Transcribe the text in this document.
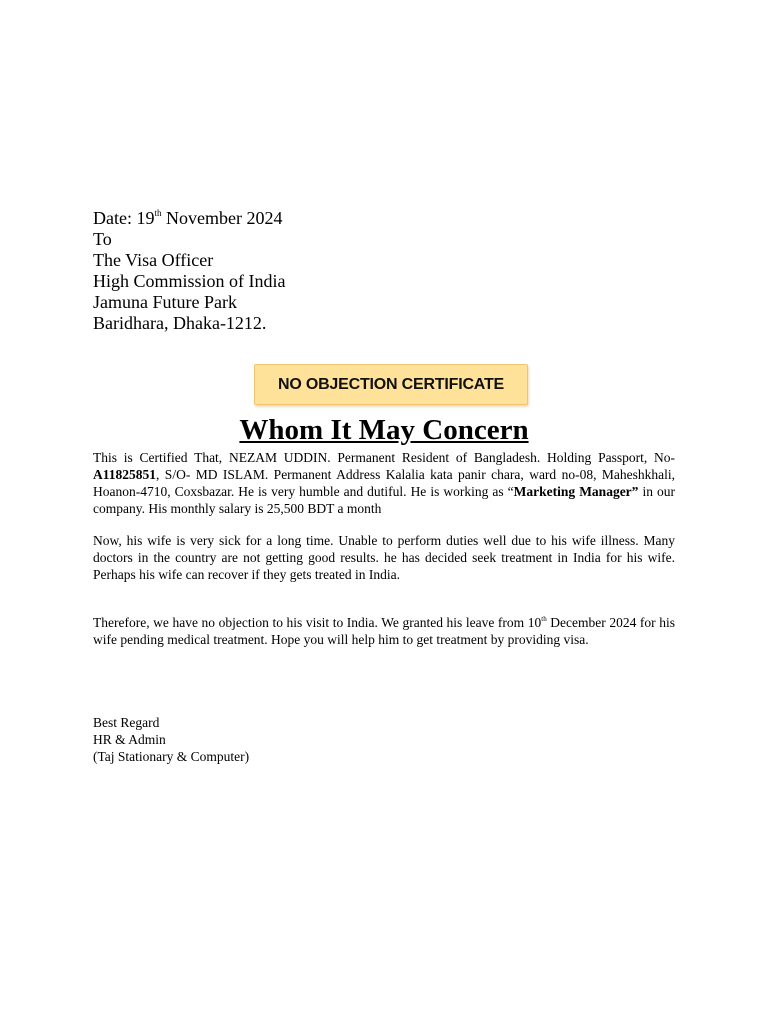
Date: 19th November 2024
To
The Visa Officer
High Commission of India
Jamuna Future Park
Baridhara, Dhaka-1212.
NO OBJECTION CERTIFICATE
Whom It May Concern
This is Certified That, NEZAM UDDIN. Permanent Resident of Bangladesh. Holding Passport, No-A11825851, S/O- MD ISLAM. Permanent Address Kalalia kata panir chara, ward no-08, Maheshkhali, Hoanon-4710, Coxsbazar. He is very humble and dutiful. He is working as “Marketing Manager” in our company. His monthly salary is 25,500 BDT a month
Now, his wife is very sick for a long time. Unable to perform duties well due to his wife illness. Many doctors in the country are not getting good results. he has decided seek treatment in India for his wife. Perhaps his wife can recover if they gets treated in India.
Therefore, we have no objection to his visit to India. We granted his leave from 10th December 2024 for his wife pending medical treatment. Hope you will help him to get treatment by providing visa.
Best Regard
HR & Admin
(Taj Stationary & Computer)
